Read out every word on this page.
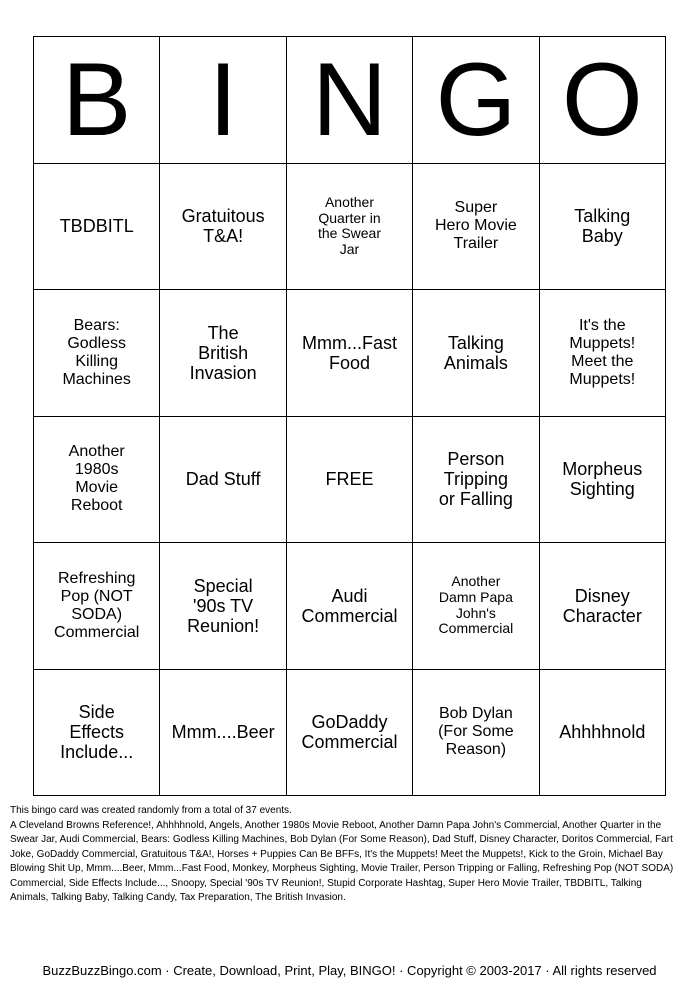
B I N G O
TBDBITL
Gratuitous
T&A!
Another
Quarter in
the Swear
Jar
Super
Hero Movie
Trailer
Talking
Baby
Bears:
Godless
Killing
Machines
The
British
Invasion
Mmm...Fast
Food
Talking
Animals
It's the
Muppets!
Meet the
Muppets!
Another
1980s
Movie
Reboot
Dad Stuff	FREE
Person
Tripping
or Falling
Morpheus
Sighting
Refreshing
Pop (NOT
SODA)
Commercial
Special
'90s TV
Reunion!
Audi
Commercial
Another
Damn Papa
John's
Commercial
Disney
Character
Side
Effects
Include...
Mmm....Beer
GoDaddy
Commercial
Bob Dylan
(For Some
Reason)
Ahhhhnold
This bingo card was created randomly from a total of 37 events.
A Cleveland Browns Reference!, Ahhhhnold, Angels, Another 1980s Movie Reboot, Another Damn Papa John's Commercial, Another Quarter in the Swear Jar, Audi Commercial, Bears: Godless Killing Machines, Bob Dylan (For Some Reason), Dad Stuff, Disney Character, Doritos Commercial, Fart Joke, GoDaddy Commercial, Gratuitous T&A!, Horses + Puppies Can Be BFFs, It's the Muppets! Meet the Muppets!, Kick to the Groin, Michael Bay Blowing Shit Up, Mmm....Beer, Mmm...Fast Food, Monkey, Morpheus Sighting, Movie Trailer, Person Tripping or Falling, Refreshing Pop (NOT SODA) Commercial, Side Effects Include..., Snoopy, Special '90s TV Reunion!, Stupid Corporate Hashtag, Super Hero Movie Trailer, TBDBITL, Talking Animals, Talking Baby, Talking Candy, Tax Preparation, The British Invasion.
BuzzBuzzBingo.com · Create, Download, Print, Play, BINGO! · Copyright © 2003-2017 · All rights reserved
